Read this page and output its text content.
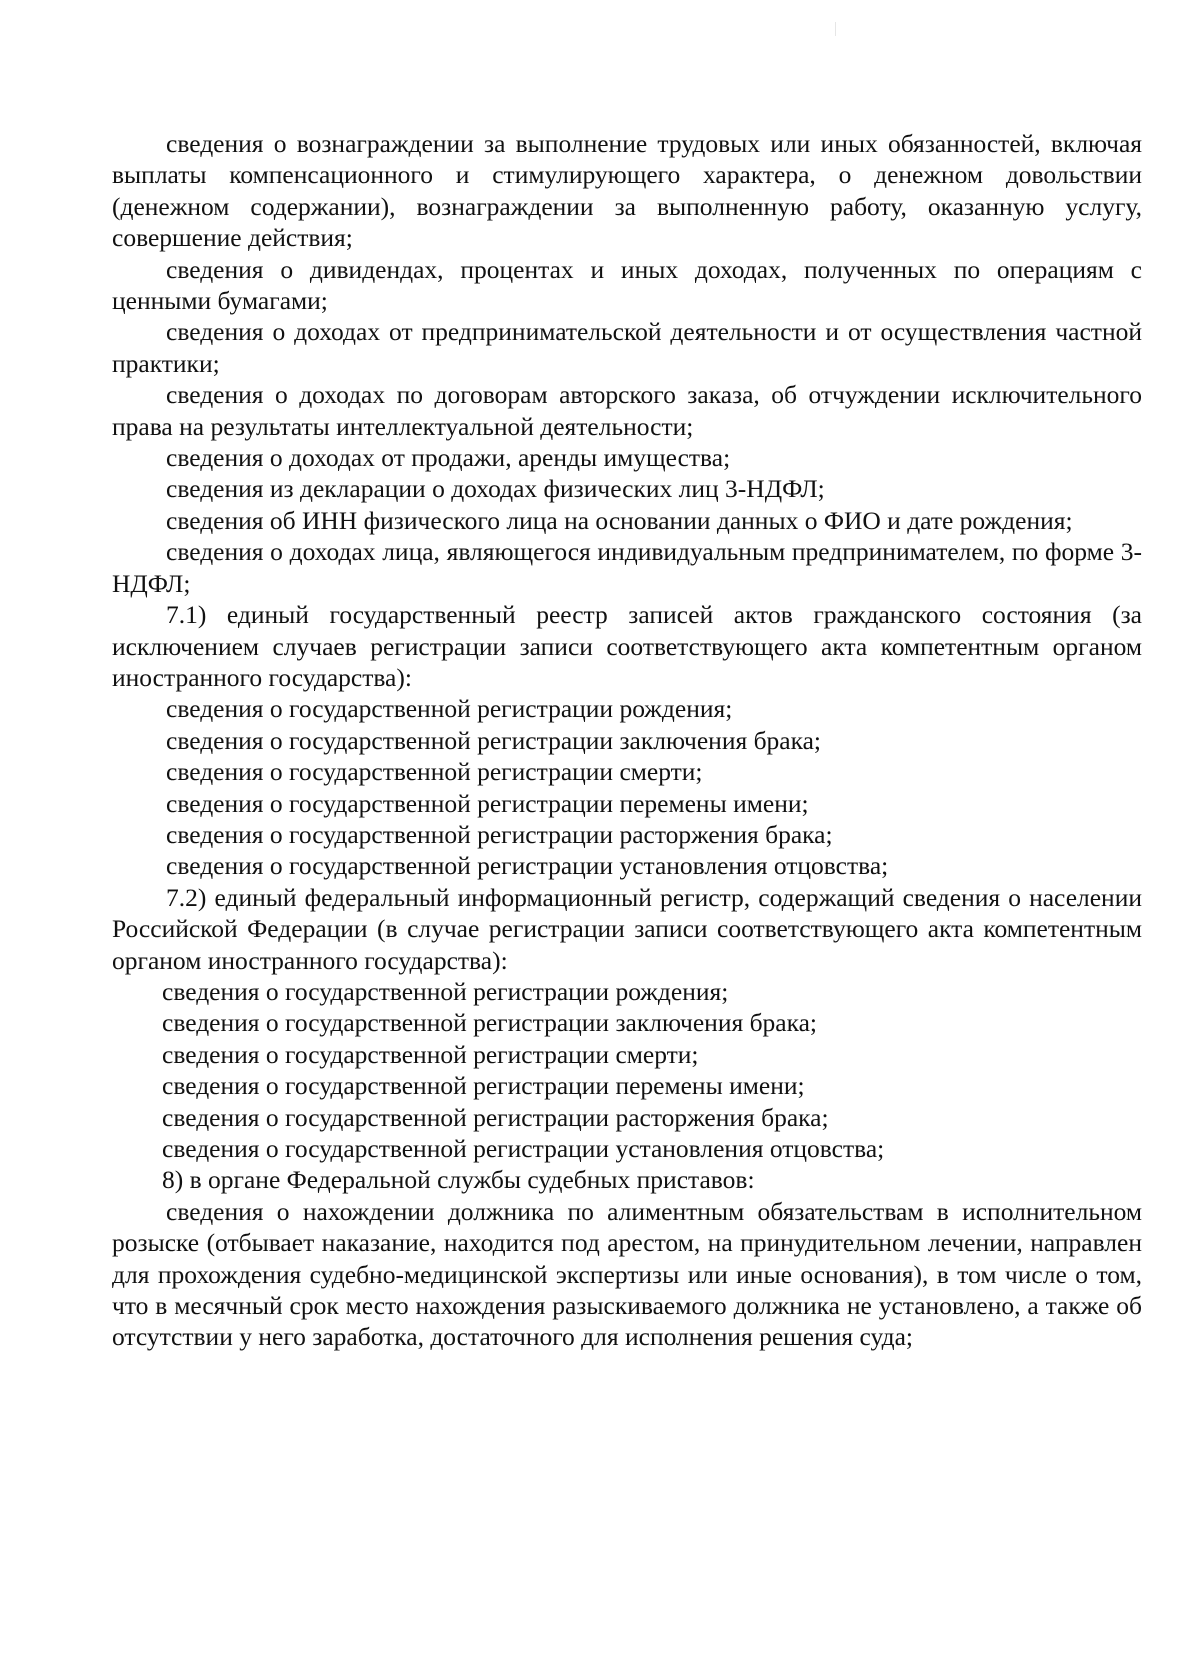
сведения о вознаграждении за выполнение трудовых или иных обязанностей, включая выплаты компенсационного и стимулирующего характера, о денежном довольствии (денежном содержании), вознаграждении за выполненную работу, оказанную услугу, совершение действия;

сведения о дивидендах, процентах и иных доходах, полученных по операциям с ценными бумагами;

сведения о доходах от предпринимательской деятельности и от осуществления частной практики;

сведения о доходах по договорам авторского заказа, об отчуждении исключительного права на результаты интеллектуальной деятельности;

сведения о доходах от продажи, аренды имущества;

сведения из декларации о доходах физических лиц 3-НДФЛ;

сведения об ИНН физического лица на основании данных о ФИО и дате рождения;

сведения о доходах лица, являющегося индивидуальным предпринимателем, по форме 3-НДФЛ;

7.1) единый государственный реестр записей актов гражданского состояния (за исключением случаев регистрации записи соответствующего акта компетентным органом иностранного государства):

сведения о государственной регистрации рождения;

сведения о государственной регистрации заключения брака;

сведения о государственной регистрации смерти;

сведения о государственной регистрации перемены имени;

сведения о государственной регистрации расторжения брака;

сведения о государственной регистрации установления отцовства;

7.2) единый федеральный информационный регистр, содержащий сведения о населении Российской Федерации (в случае регистрации записи соответствующего акта компетентным органом иностранного государства):

сведения о государственной регистрации рождения;

сведения о государственной регистрации заключения брака;

сведения о государственной регистрации смерти;

сведения о государственной регистрации перемены имени;

сведения о государственной регистрации расторжения брака;

сведения о государственной регистрации установления отцовства;

8) в органе Федеральной службы судебных приставов:

сведения о нахождении должника по алиментным обязательствам в исполнительном розыске (отбывает наказание, находится под арестом, на принудительном лечении, направлен для прохождения судебно-медицинской экспертизы или иные основания), в том числе о том, что в месячный срок место нахождения разыскиваемого должника не установлено, а также об отсутствии у него заработка, достаточного для исполнения решения суда;
